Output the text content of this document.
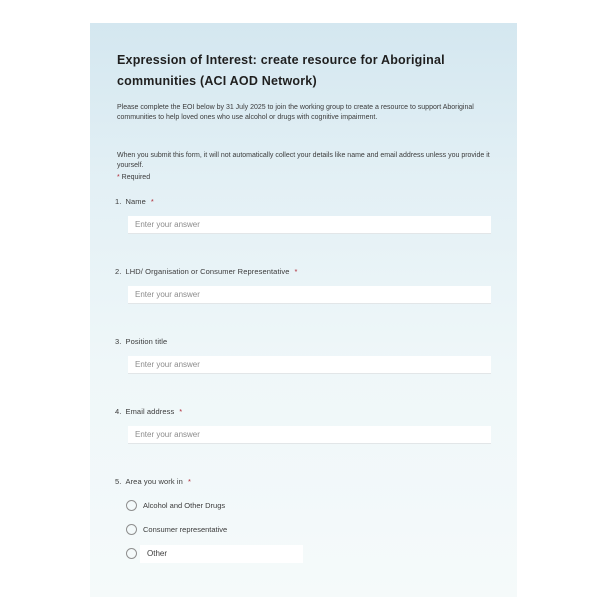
Expression of Interest: create resource for Aboriginal communities (ACI AOD Network)

Please complete the EOI below by 31 July 2025 to join the working group to create a resource to support Aboriginal communities to help loved ones who use alcohol or drugs with cognitive impairment.

When you submit this form, it will not automatically collect your details like name and email address unless you provide it yourself.

* Required

1. Name *
Enter your answer
2. LHD/ Organisation or Consumer Representative *
Enter your answer
3. Position title
Enter your answer
4. Email address *
Enter your answer
5. Area you work in *
Alcohol and Other Drugs
Consumer representative
Other
